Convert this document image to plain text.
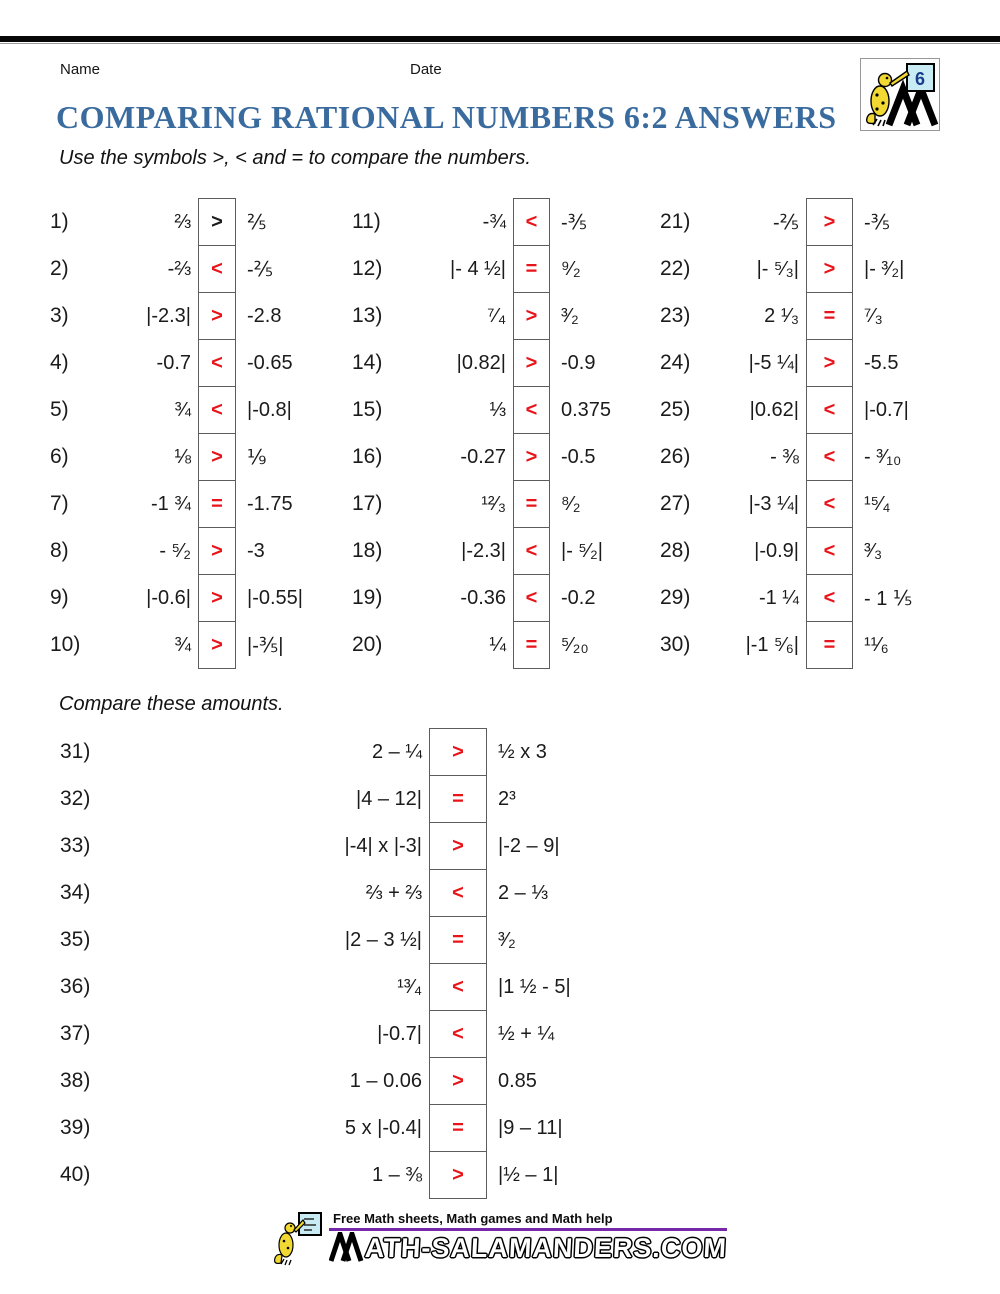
Name	Date	6
COMPARING RATIONAL NUMBERS 6:2 ANSWERS
Use the symbols >, < and = to compare the numbers.
1)	⅔	>	⅖
2)	-⅔	<	-⅖
3)	|-2.3|	>	-2.8
4)	-0.7	<	-0.65
5)	¾	<	|-0.8|
6)	⅛	>	⅑
7)	-1 ¾	=	-1.75
8)	- ⁵⁄₂	>	-3
9)	|-0.6|	>	|-0.55|
10)	¾	>	|-⅗|
11)	-¾	<	-⅗
12)	|- 4 ½|	=	⁹⁄₂
13)	⁷⁄₄	>	³⁄₂
14)	|0.82|	>	-0.9
15)	⅓	<	0.375
16)	-0.27	>	-0.5
17)	¹²⁄₃	=	⁸⁄₂
18)	|-2.3|	<	|- ⁵⁄₂|
19)	-0.36	<	-0.2
20)	¼	=	⁵⁄₂₀
21)	-⅖	>	-⅗
22)	|- ⁵⁄₃|	>	|- ³⁄₂|
23)	2 ¹⁄₃	=	⁷⁄₃
24)	|-5 ¼|	>	-5.5
25)	|0.62|	<	|-0.7|
26)	- ⅜	<	- ³⁄₁₀
27)	|-3 ¼|	<	¹⁵⁄₄
28)	|-0.9|	<	³⁄₃
29)	-1 ¼	<	- 1 ⅕
30)	|-1 ⁵⁄₆|	=	¹¹⁄₆
Compare these amounts.
31)	2 – ¼	>	½ x 3
32)	|4 – 12|	=	2³
33)	|-4| x |-3|	>	|-2 – 9|
34)	⅔ + ⅔	<	2 – ⅓
35)	|2 – 3 ½|	=	³⁄₂
36)	¹³⁄₄	<	|1 ½ - 5|
37)	|-0.7|	<	½ + ¼
38)	1 – 0.06	>	0.85
39)	5 x |-0.4|	=	|9 – 11|
40)	1 – ⅜	>	|½ – 1|
Free Math sheets, Math games and Math help
ATH-SALAMANDERS.COM
